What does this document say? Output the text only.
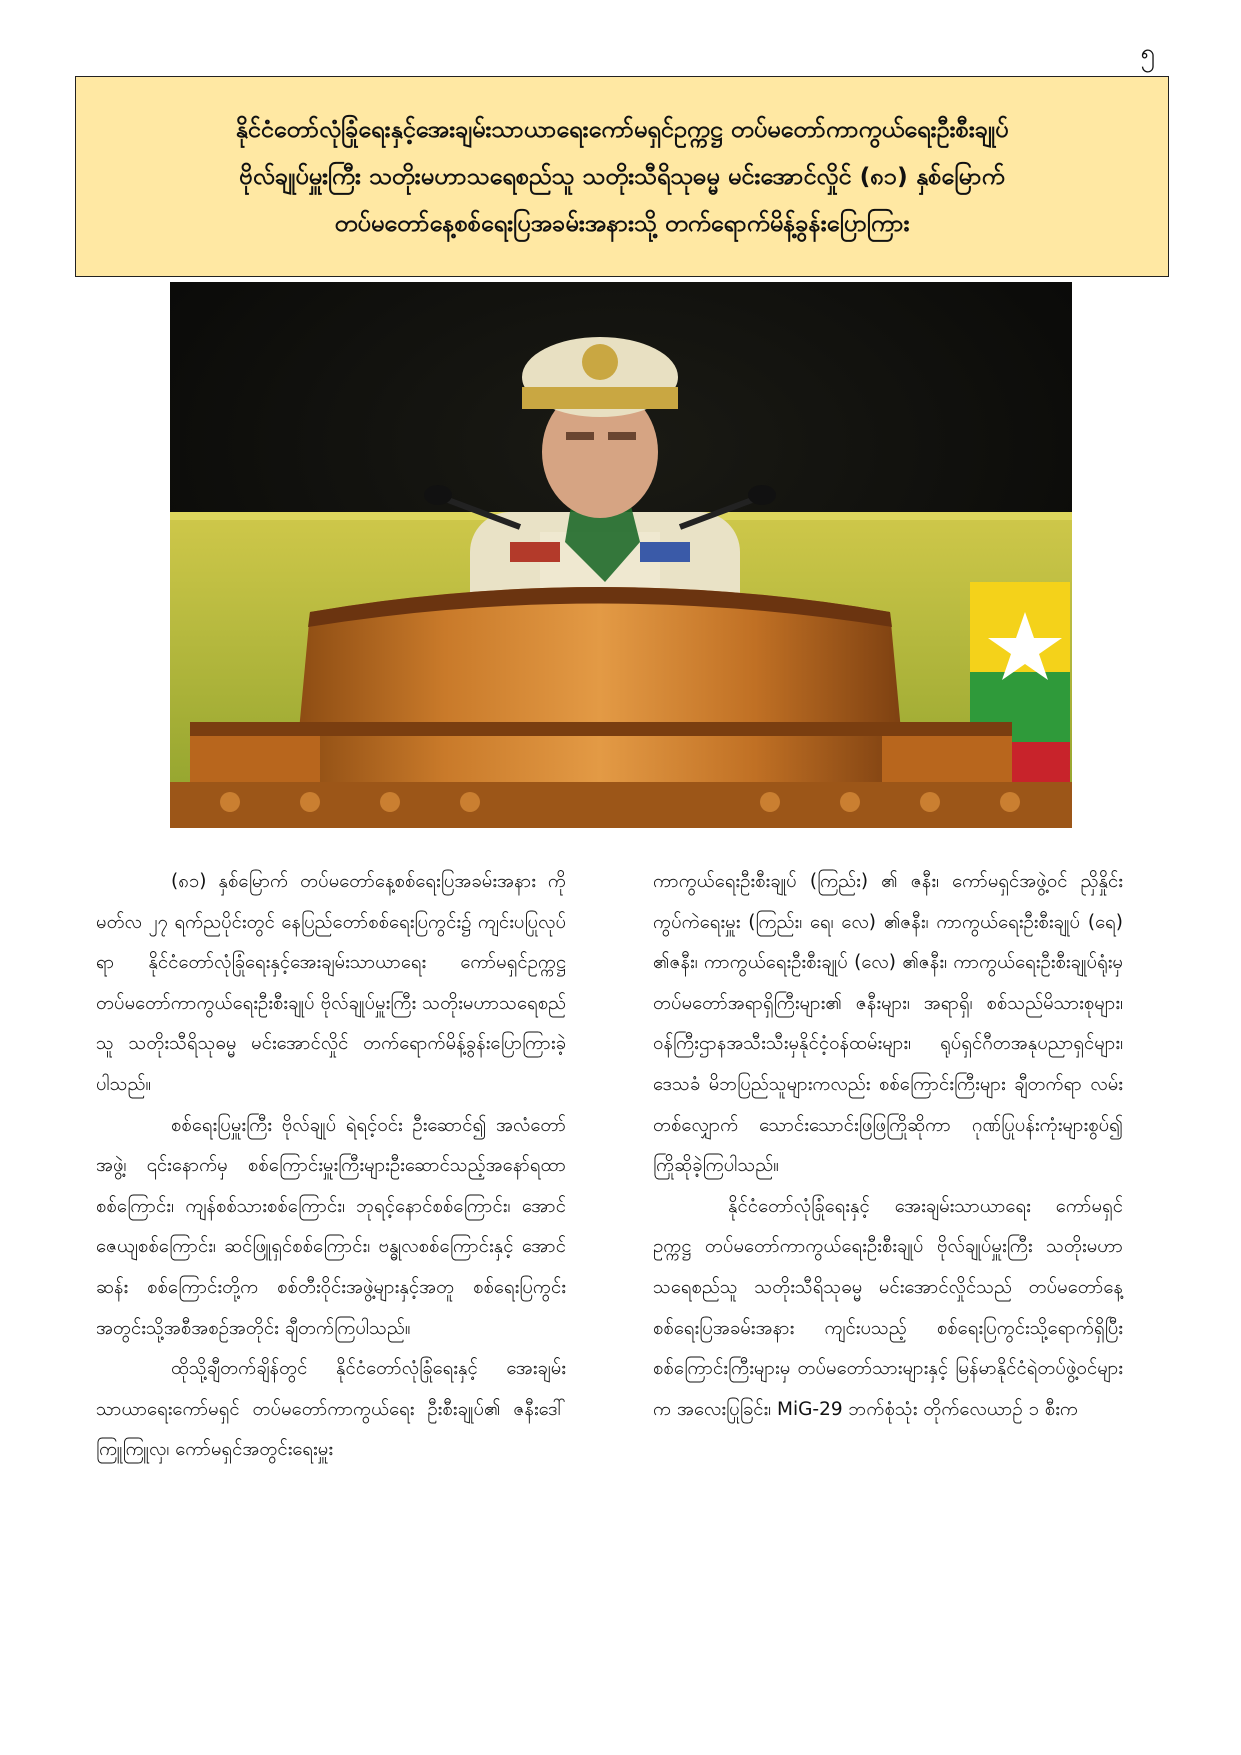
၅
နိုင်ငံတော်လုံခြုံရေးနှင့်အေးချမ်းသာယာရေးကော်မရှင်ဥက္ကဋ္ဌ တပ်မတော်ကာကွယ်ရေးဦးစီးချုပ်
ဗိုလ်ချုပ်မှူးကြီး သတိုးမဟာသရေစည်သူ သတိုးသီရိသုဓမ္မ မင်းအောင်လှိုင် (၈၁) နှစ်မြောက်
တပ်မတော်နေ့စစ်ရေးပြအခမ်းအနားသို့ တက်ရောက်မိန့်ခွန်းပြောကြား

(၈၁) နှစ်မြောက် တပ်မတော်နေ့စစ်ရေးပြအခမ်းအနား ကိုမတ်လ ၂၇ ရက်ညပိုင်းတွင် နေပြည်တော်စစ်ရေးပြကွင်း၌ ကျင်းပပြုလုပ်ရာ နိုင်ငံတော်လုံခြုံရေးနှင့်အေးချမ်းသာယာရေး ကော်မရှင်ဥက္ကဋ္ဌ တပ်မတော်ကာကွယ်ရေးဦးစီးချုပ် ဗိုလ်ချုပ်မှူးကြီး သတိုးမဟာသရေစည်သူ သတိုးသီရိသုဓမ္မ မင်းအောင်လှိုင် တက်ရောက်မိန့်ခွန်းပြောကြားခဲ့ပါသည်။

စစ်ရေးပြမှူးကြီး ဗိုလ်ချုပ် ရဲရင့်ဝင်း ဦးဆောင်၍ အလံတော်အဖွဲ့၊ ၎င်းနောက်မှ စစ်ကြောင်းမှူးကြီးများဦးဆောင်သည့်အနော်ရထာစစ်ကြောင်း၊ ကျန်စစ်သားစစ်ကြောင်း၊ ဘုရင့်နောင်စစ်ကြောင်း၊ အောင်ဇေယျစစ်ကြောင်း၊ ဆင်ဖြူရှင်စစ်ကြောင်း၊ ဗန္ဓုလစစ်ကြောင်းနှင့် အောင်ဆန်း စစ်ကြောင်းတို့က စစ်တီးဝိုင်းအဖွဲ့များနှင့်အတူ စစ်ရေးပြကွင်းအတွင်းသို့အစီအစဉ်အတိုင်း ချီတက်ကြပါသည်။

ထိုသို့ချီတက်ချိန်တွင် နိုင်ငံတော်လုံခြုံရေးနှင့် အေးချမ်းသာယာရေးကော်မရှင် တပ်မတော်ကာကွယ်ရေး ဦးစီးချုပ်၏ ဇနီးဒေါ်ကြူကြူလှ၊ ကော်မရှင်အတွင်းရေးမှူး

ကာကွယ်ရေးဦးစီးချုပ် (ကြည်း) ၏ ဇနီး၊ ကော်မရှင်အဖွဲ့ဝင် ညှိနှိုင်းကွပ်ကဲရေးမှူး (ကြည်း၊ ရေ၊ လေ) ၏ဇနီး၊ ကာကွယ်ရေးဦးစီးချုပ် (ရေ) ၏ဇနီး၊ ကာကွယ်ရေးဦးစီးချုပ် (လေ) ၏ဇနီး၊ ကာကွယ်ရေးဦးစီးချုပ်ရုံးမှ တပ်မတော်အရာရှိကြီးများ၏ ဇနီးများ၊ အရာရှိ၊ စစ်သည်မိသားစုများ၊ ဝန်ကြီးဌာနအသီးသီးမှနိုင်ငံ့ဝန်ထမ်းများ၊ ရုပ်ရှင်ဂီတအနုပညာရှင်များ၊ ဒေသခံ မိဘပြည်သူများကလည်း စစ်ကြောင်းကြီးများ ချီတက်ရာ လမ်းတစ်လျှောက် သောင်းသောင်းဖြဖြကြိုဆိုကာ ဂုဏ်ပြုပန်းကုံးများစွပ်၍ ကြိုဆိုခဲ့ကြပါသည်။

နိုင်ငံတော်လုံခြုံရေးနှင့် အေးချမ်းသာယာရေး ကော်မရှင်ဥက္ကဋ္ဌ တပ်မတော်ကာကွယ်ရေးဦးစီးချုပ် ဗိုလ်ချုပ်မှူးကြီး သတိုးမဟာသရေစည်သူ သတိုးသီရိသုဓမ္မ မင်းအောင်လှိုင်သည် တပ်မတော်နေ့ စစ်ရေးပြအခမ်းအနား ကျင်းပသည့် စစ်ရေးပြကွင်းသို့ရောက်ရှိပြီး စစ်ကြောင်းကြီးများမှ တပ်မတော်သားများနှင့် မြန်မာနိုင်ငံရဲတပ်ဖွဲ့ဝင်များက အလေးပြုခြင်း၊ MiG-29 ဘက်စုံသုံး တိုက်လေယာဉ် ၁ စီးက
